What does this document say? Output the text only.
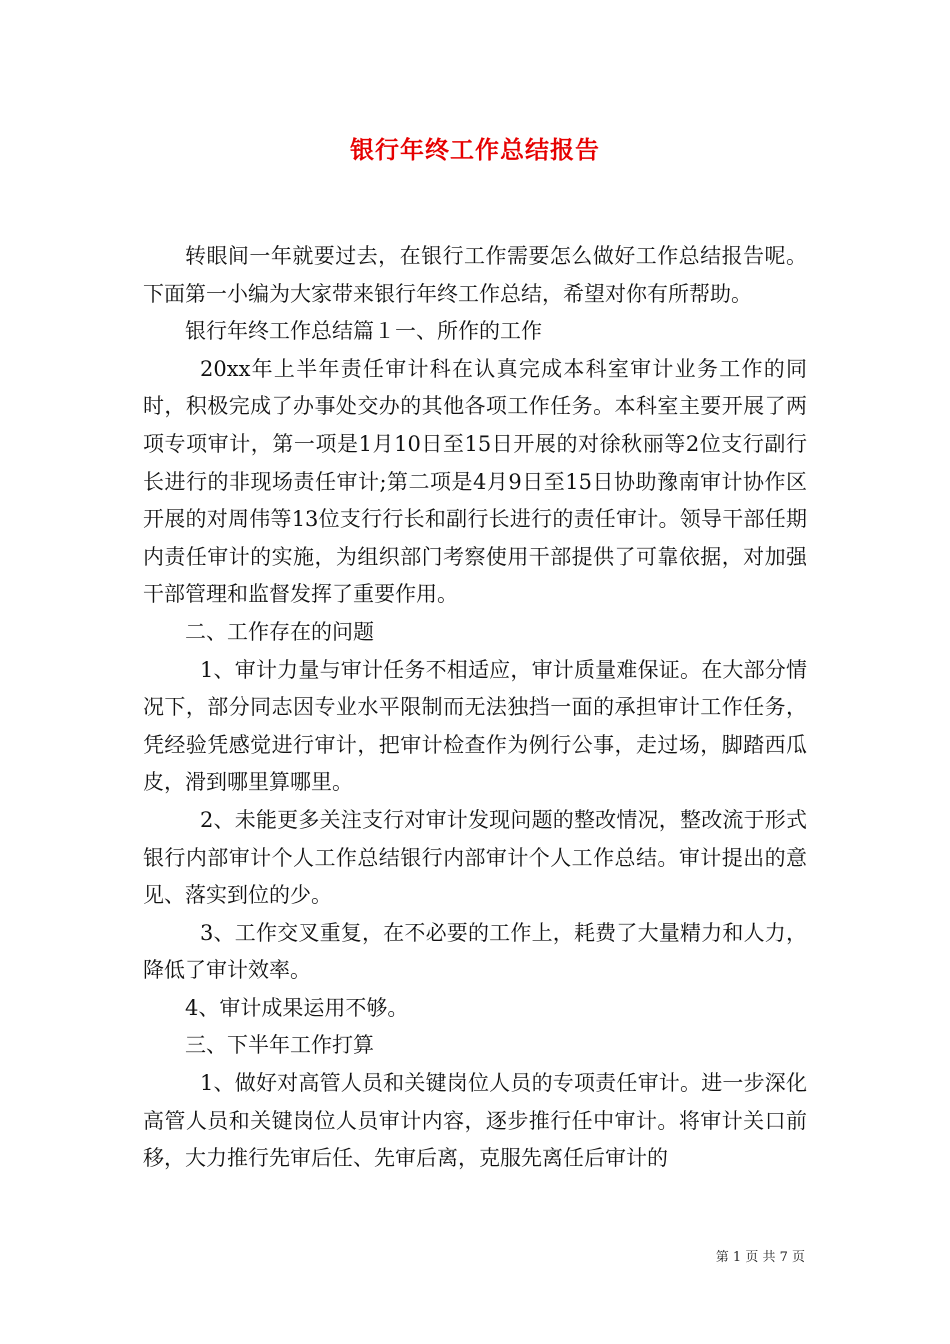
银行年终工作总结报告

转眼间一年就要过去，在银行工作需要怎么做好工作总结报告呢。下面第一小编为大家带来银行年终工作总结，希望对你有所帮助。

银行年终工作总结篇１一、所作的工作

20xx年上半年责任审计科在认真完成本科室审计业务工作的同时，积极完成了办事处交办的其他各项工作任务。本科室主要开展了两项专项审计，第一项是1月10日至15日开展的对徐秋丽等2位支行副行长进行的非现场责任审计;第二项是4月9日至15日协助豫南审计协作区开展的对周伟等13位支行行长和副行长进行的责任审计。领导干部任期内责任审计的实施，为组织部门考察使用干部提供了可靠依据，对加强干部管理和监督发挥了重要作用。

二、工作存在的问题

1、审计力量与审计任务不相适应，审计质量难保证。在大部分情况下，部分同志因专业水平限制而无法独挡一面的承担审计工作任务，凭经验凭感觉进行审计，把审计检查作为例行公事，走过场，脚踏西瓜皮，滑到哪里算哪里。

2、未能更多关注支行对审计发现问题的整改情况，整改流于形式银行内部审计个人工作总结银行内部审计个人工作总结。审计提出的意见、落实到位的少。

3、工作交叉重复，在不必要的工作上，耗费了大量精力和人力，降低了审计效率。

4、审计成果运用不够。

三、下半年工作打算

1、做好对高管人员和关键岗位人员的专项责任审计。进一步深化高管人员和关键岗位人员审计内容，逐步推行任中审计。将审计关口前移，大力推行先审后任、先审后离，克服先离任后审计的

第 1 页 共 7 页
